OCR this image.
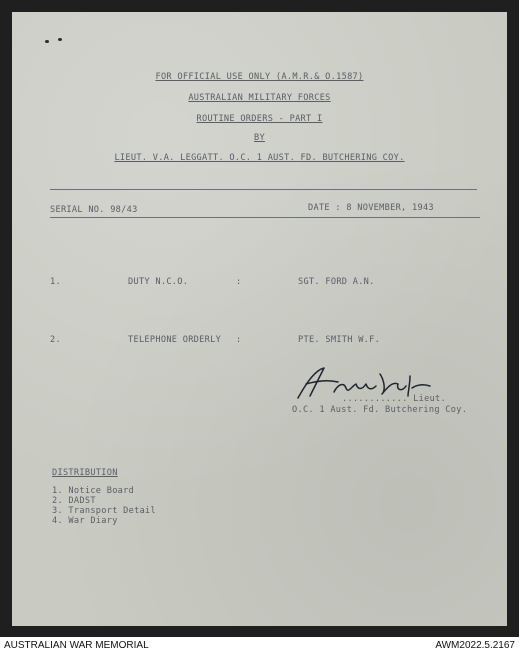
FOR OFFICIAL USE ONLY (A.M.R.& O.1587)
AUSTRALIAN MILITARY FORCES
ROUTINE ORDERS - PART I
BY
LIEUT. V.A. LEGGATT. O.C. 1 AUST. FD. BUTCHERING COY.
SERIAL NO. 98/43	DATE : 8 NOVEMBER, 1943
1.	DUTY N.C.O.	:	SGT. FORD A.N.
2.	TELEPHONE ORDERLY :	PTE. SMITH W.F.
............ Lieut.
O.C. 1 Aust. Fd. Butchering Coy.
DISTRIBUTION
1. Notice Board
2. DADST
3. Transport Detail
4. War Diary
AUSTRALIAN WAR MEMORIAL	AWM2022.5.2167
